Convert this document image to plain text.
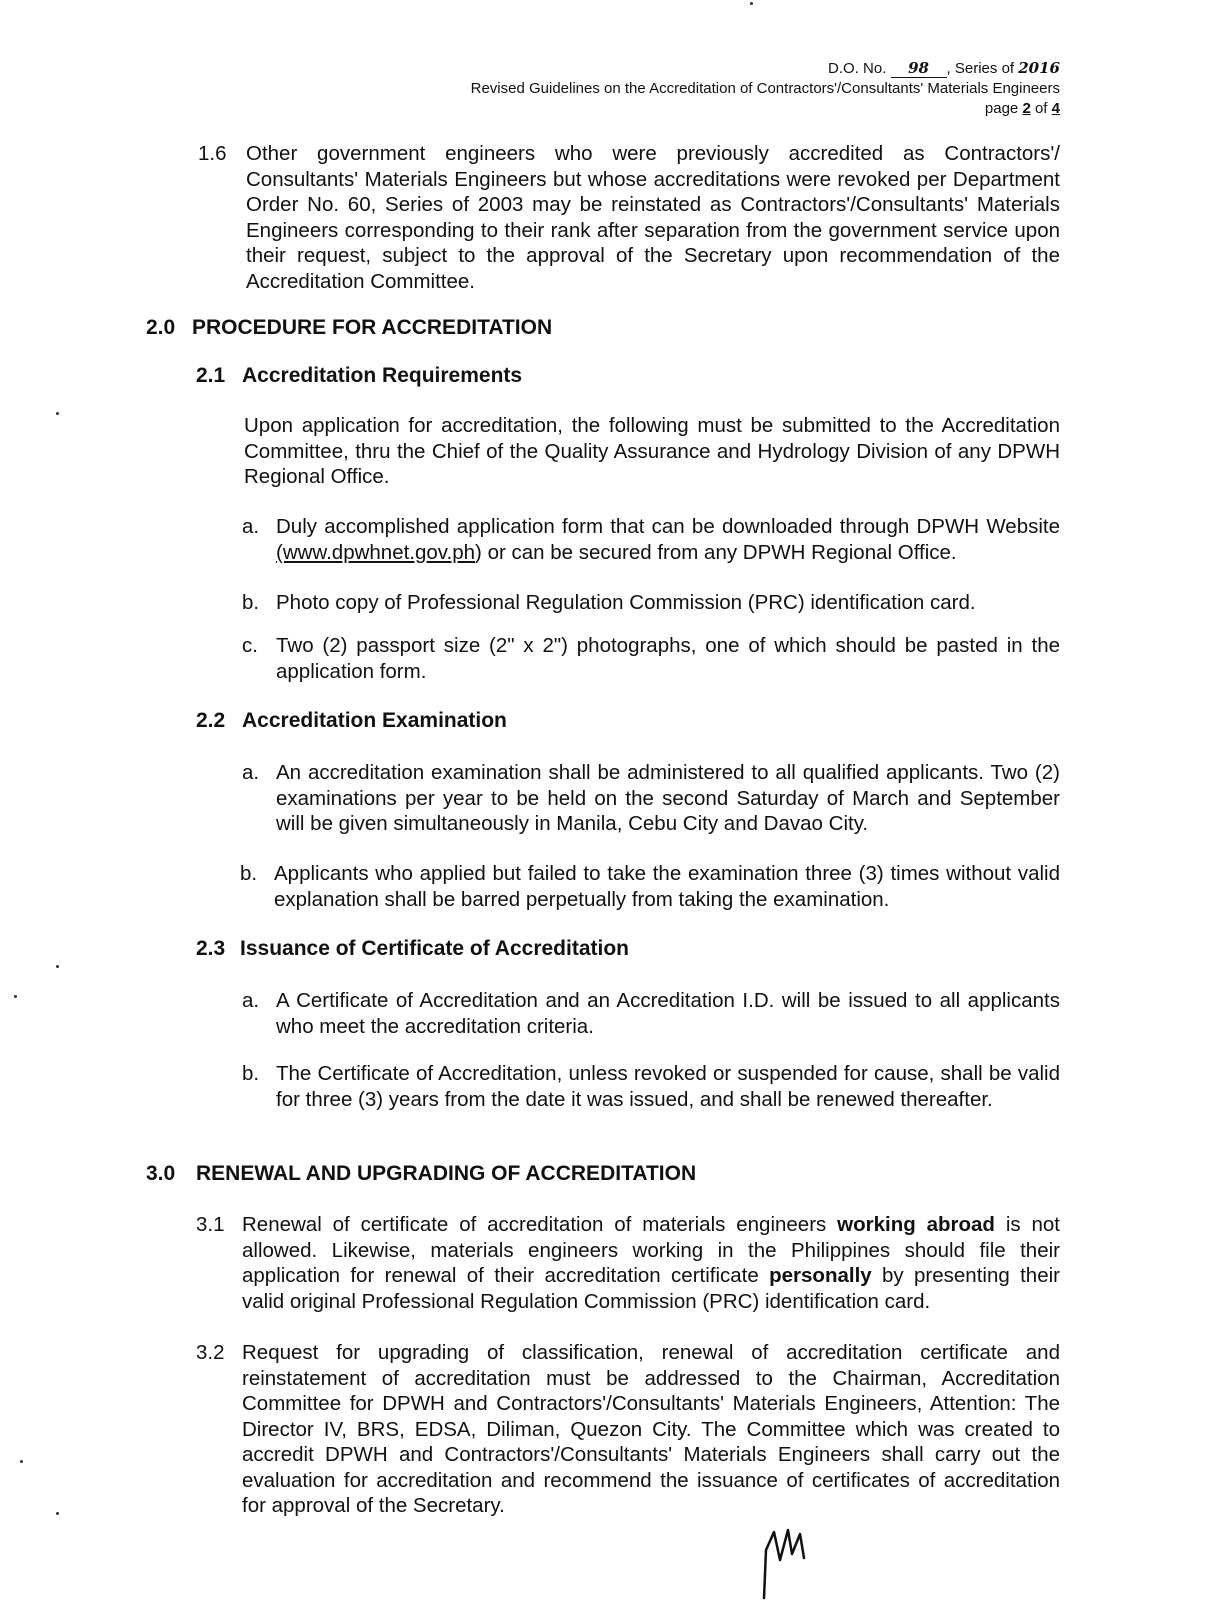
D.O. No. 98 , Series of 2016
Revised Guidelines on the Accreditation of Contractors'/Consultants' Materials Engineers
page 2 of 4
1.6 Other government engineers who were previously accredited as Contractors'/ Consultants' Materials Engineers but whose accreditations were revoked per Department Order No. 60, Series of 2003 may be reinstated as Contractors'/Consultants' Materials Engineers corresponding to their rank after separation from the government service upon their request, subject to the approval of the Secretary upon recommendation of the Accreditation Committee.
2.0 PROCEDURE FOR ACCREDITATION
2.1 Accreditation Requirements
Upon application for accreditation, the following must be submitted to the Accreditation Committee, thru the Chief of the Quality Assurance and Hydrology Division of any DPWH Regional Office.
a. Duly accomplished application form that can be downloaded through DPWH Website (www.dpwhnet.gov.ph) or can be secured from any DPWH Regional Office.
b. Photo copy of Professional Regulation Commission (PRC) identification card.
c. Two (2) passport size (2" x 2") photographs, one of which should be pasted in the application form.
2.2 Accreditation Examination
a. An accreditation examination shall be administered to all qualified applicants. Two (2) examinations per year to be held on the second Saturday of March and September will be given simultaneously in Manila, Cebu City and Davao City.
b. Applicants who applied but failed to take the examination three (3) times without valid explanation shall be barred perpetually from taking the examination.
2.3 Issuance of Certificate of Accreditation
a. A Certificate of Accreditation and an Accreditation I.D. will be issued to all applicants who meet the accreditation criteria.
b. The Certificate of Accreditation, unless revoked or suspended for cause, shall be valid for three (3) years from the date it was issued, and shall be renewed thereafter.
3.0 RENEWAL AND UPGRADING OF ACCREDITATION
3.1 Renewal of certificate of accreditation of materials engineers working abroad is not allowed. Likewise, materials engineers working in the Philippines should file their application for renewal of their accreditation certificate personally by presenting their valid original Professional Regulation Commission (PRC) identification card.
3.2 Request for upgrading of classification, renewal of accreditation certificate and reinstatement of accreditation must be addressed to the Chairman, Accreditation Committee for DPWH and Contractors'/Consultants' Materials Engineers, Attention: The Director IV, BRS, EDSA, Diliman, Quezon City. The Committee which was created to accredit DPWH and Contractors'/Consultants' Materials Engineers shall carry out the evaluation for accreditation and recommend the issuance of certificates of accreditation for approval of the Secretary.
